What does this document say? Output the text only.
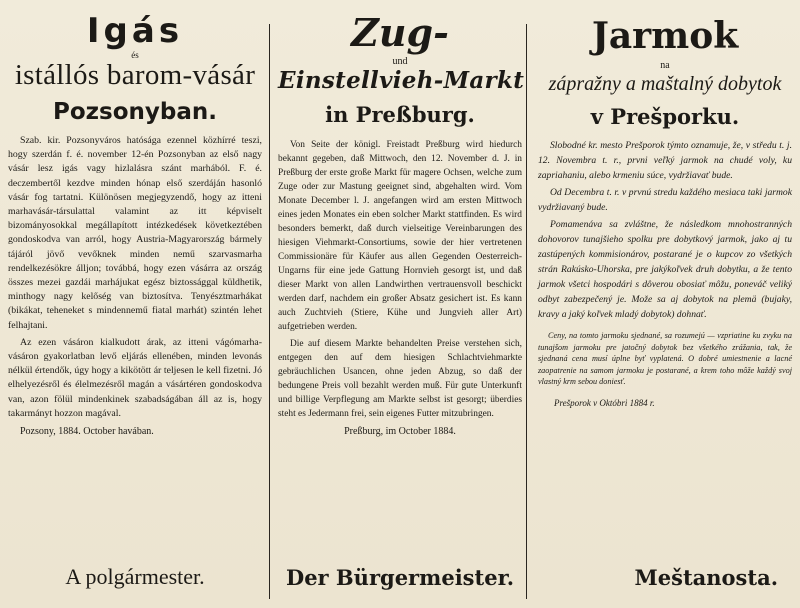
Igás
és
istállós barom-vásár
Pozsonyban.

Szab. kir. Pozsonyváros hatósága ezennel közhírré teszi, hogy szerdán f. é. november 12-én Pozsonyban az első nagy vásár lesz igás vagy hizlalásra szánt marhából. F. é. deczembertől kezdve minden hónap első szerdáján hasonló vásár fog tartatni. Különösen megjegyzendő, hogy az itteni marhavásár-társulattal valamint az itt képviselt bizományosokkal megállapított intézkedések következtében gondoskodva van arról, hogy Austria-Magyarország bármely tájáról jövő vevőknek minden nemű szarvasmarha rendelkezésökre álljon; továbbá, hogy ezen vásárra az ország összes mezei gazdái marhájukat egész biztossággal küldhetik, minthogy nagy kelőség van biztosítva. Tenyésztmarhákat (bikákat, teheneket s mindennemű fiatal marhát) szintén lehet felhajtani.

Az ezen vásáron kialkudott árak, az itteni vágómarha-vásáron gyakorlatban levő eljárás ellenében, minden levonás nélkül értendők, úgy hogy a kikötött ár teljesen le kell fizetni. Jó elhelyezésről és élelmezésről magán a vásártéren gondoskodva van, azon fölül mindenkinek szabadságában áll az is, hogy takarmányt hozzon magával.

Pozsony, 1884. October havában.

A polgármester.
Zug-
und
Einstellvieh-Markt
in Preßburg.

Von Seite der königl. Freistadt Preßburg wird hiedurch bekannt gegeben, daß Mittwoch, den 12. November d. J. in Preßburg der erste große Markt für magere Ochsen, welche zum Zuge oder zur Mastung geeignet sind, abgehalten wird. Vom Monate December l. J. angefangen wird am ersten Mittwoch eines jeden Monates ein eben solcher Markt stattfinden. Es wird besonders bemerkt, daß durch vielseitige Vereinbarungen des hiesigen Viehmarkt-Consortiums, sowie der hier vertretenen Commissionäre für Käufer aus allen Gegenden Oesterreich-Ungarns für eine jede Gattung Hornvieh gesorgt ist, und daß dieser Markt von allen Landwirthen vertrauensvoll beschickt werden darf, nachdem ein großer Absatz gesichert ist. Es kann auch Zuchtvieh (Stiere, Kühe und Jungvieh aller Art) aufgetrieben werden.

Die auf diesem Markte behandelten Preise verstehen sich, entgegen den auf dem hiesigen Schlachtviehmarkte gebräuchlichen Usancen, ohne jeden Abzug, so daß der bedungene Preis voll bezahlt werden muß. Für gute Unterkunft und billige Verpflegung am Markte selbst ist gesorgt; überdies steht es Jedermann frei, sein eigenes Futter mitzubringen.

Preßburg, im October 1884.

Der Bürgermeister.
Jarmok
na
zápražny a maštalný dobytok
v Prešporku.

Slobodné kr. mesto Prešporok týmto oznamuje, že, v středu t. j. 12. Novembra t. r., prvni veľký jarmok na chudé voly, ku zapriahaniu, alebo krmeniu súce, vydržiavať bude.

Od Decembra t. r. v prvnú stredu každého mesiaca taki jarmok vydržiavaný bude.

Pomamenávа sa zvláštne, že následkom mnohostranných dohovorov tunajšieho spolku pre dobytkový jarmok, jako aj tu zastúpených kommisionárov, postarané je o kupcov zo všetkých strán Rakúsko-Uhorska, pre jakýkoľvek druh dobytku, a že tento jarmok všetci hospodári s dôverou obosiať môžu, poneváč veliký odbyt zabezpečený je. Može sa aj dobytok na plemä (bujaky, kravy a jaký koľvek mladý dobytok) dohnať.

Ceny, na tomto jarmoku sjednané, sa rozumejú — vzpriatine ku zvyku na tunajšom jarmoku pre jatočný dobytok bez všetkého zrážania, tak, že sjednaná cena musí úplne byť vyplatená. O dobré umiestnenie a lacné zaopatrenie na samom jarmoku je postarané, a krem toho môže každý svoj vlastný krm sebou doniesť.

Prešporok v Októbri 1884 r.

Meštanosta.
